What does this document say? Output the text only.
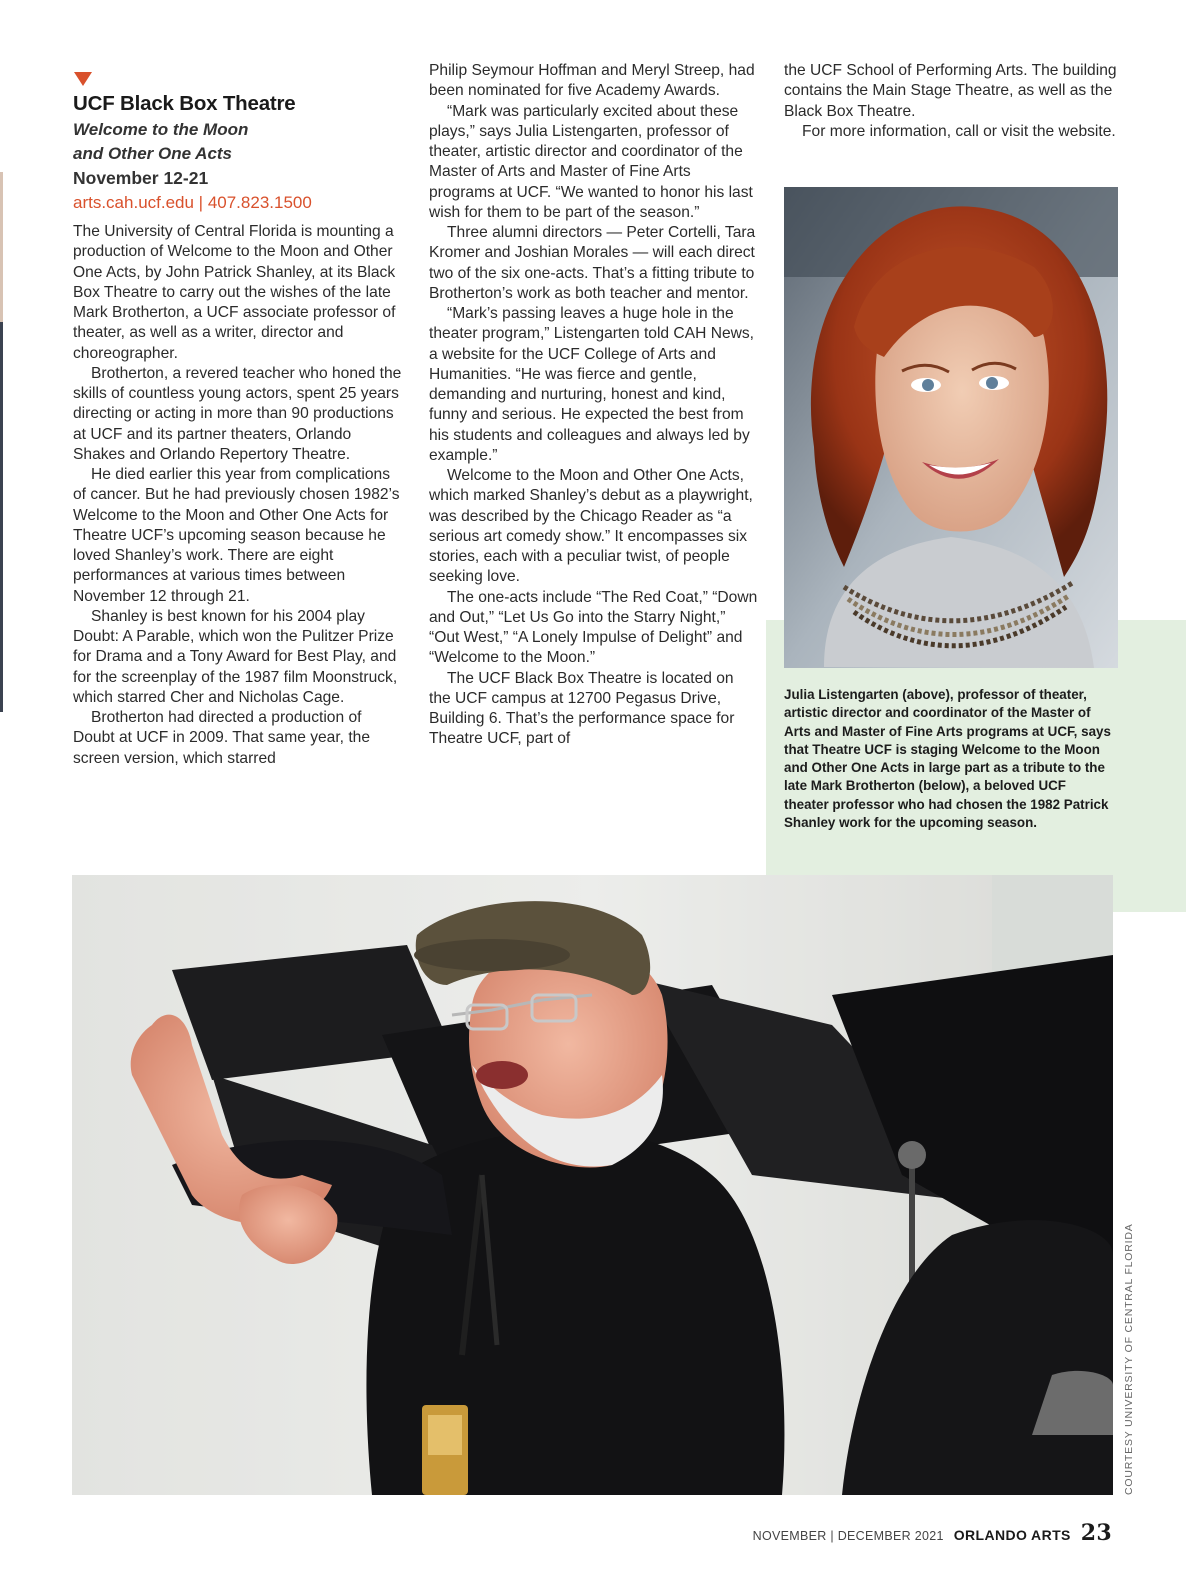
UCF Black Box Theatre
Welcome to the Moon
and Other One Acts
November 12-21
arts.cah.ucf.edu | 407.823.1500

The University of Central Florida is mounting a production of Welcome to the Moon and Other One Acts, by John Patrick Shanley, at its Black Box Theatre to carry out the wishes of the late Mark Brotherton, a UCF associate professor of theater, as well as a writer, director and choreographer.

Brotherton, a revered teacher who honed the skills of countless young actors, spent 25 years directing or acting in more than 90 productions at UCF and its partner theaters, Orlando Shakes and Orlando Repertory Theatre.

He died earlier this year from complications of cancer. But he had previously chosen 1982’s Welcome to the Moon and Other One Acts for Theatre UCF’s upcoming season because he loved Shanley’s work. There are eight performances at various times between November 12 through 21.

Shanley is best known for his 2004 play Doubt: A Parable, which won the Pulitzer Prize for Drama and a Tony Award for Best Play, and for the screenplay of the 1987 film Moonstruck, which starred Cher and Nicholas Cage.

Brotherton had directed a production of Doubt at UCF in 2009. That same year, the screen version, which starred

Philip Seymour Hoffman and Meryl Streep, had been nominated for five Academy Awards.

“Mark was particularly excited about these plays,” says Julia Listengarten, professor of theater, artistic director and coordinator of the Master of Arts and Master of Fine Arts programs at UCF. “We wanted to honor his last wish for them to be part of the season.”

Three alumni directors — Peter Cortelli, Tara Kromer and Joshian Morales — will each direct two of the six one-acts. That’s a fitting tribute to Brotherton’s work as both teacher and mentor.

“Mark’s passing leaves a huge hole in the theater program,” Listengarten told CAH News, a website for the UCF College of Arts and Humanities. “He was fierce and gentle, demanding and nurturing, honest and kind, funny and serious. He expected the best from his students and colleagues and always led by example.”

Welcome to the Moon and Other One Acts, which marked Shanley’s debut as a playwright, was described by the Chicago Reader as “a serious art comedy show.” It encompasses six stories, each with a peculiar twist, of people seeking love.

The one-acts include “The Red Coat,” “Down and Out,” “Let Us Go into the Starry Night,” “Out West,” “A Lonely Impulse of Delight” and “Welcome to the Moon.”

The UCF Black Box Theatre is located on the UCF campus at 12700 Pegasus Drive, Building 6. That’s the performance space for Theatre UCF, part of

the UCF School of Performing Arts. The building contains the Main Stage Theatre, as well as the Black Box Theatre.

For more information, call or visit the website.

Julia Listengarten (above), professor of theater, artistic director and coordinator of the Master of Arts and Master of Fine Arts programs at UCF, says that Theatre UCF is staging Welcome to the Moon and Other One Acts in large part as a tribute to the late Mark Brotherton (below), a beloved UCF theater professor who had chosen the 1982 Patrick Shanley work for the upcoming season.
COURTESY UNIVERSITY OF CENTRAL FLORIDA
NOVEMBER | DECEMBER 2021 ORLANDO ARTS 23
